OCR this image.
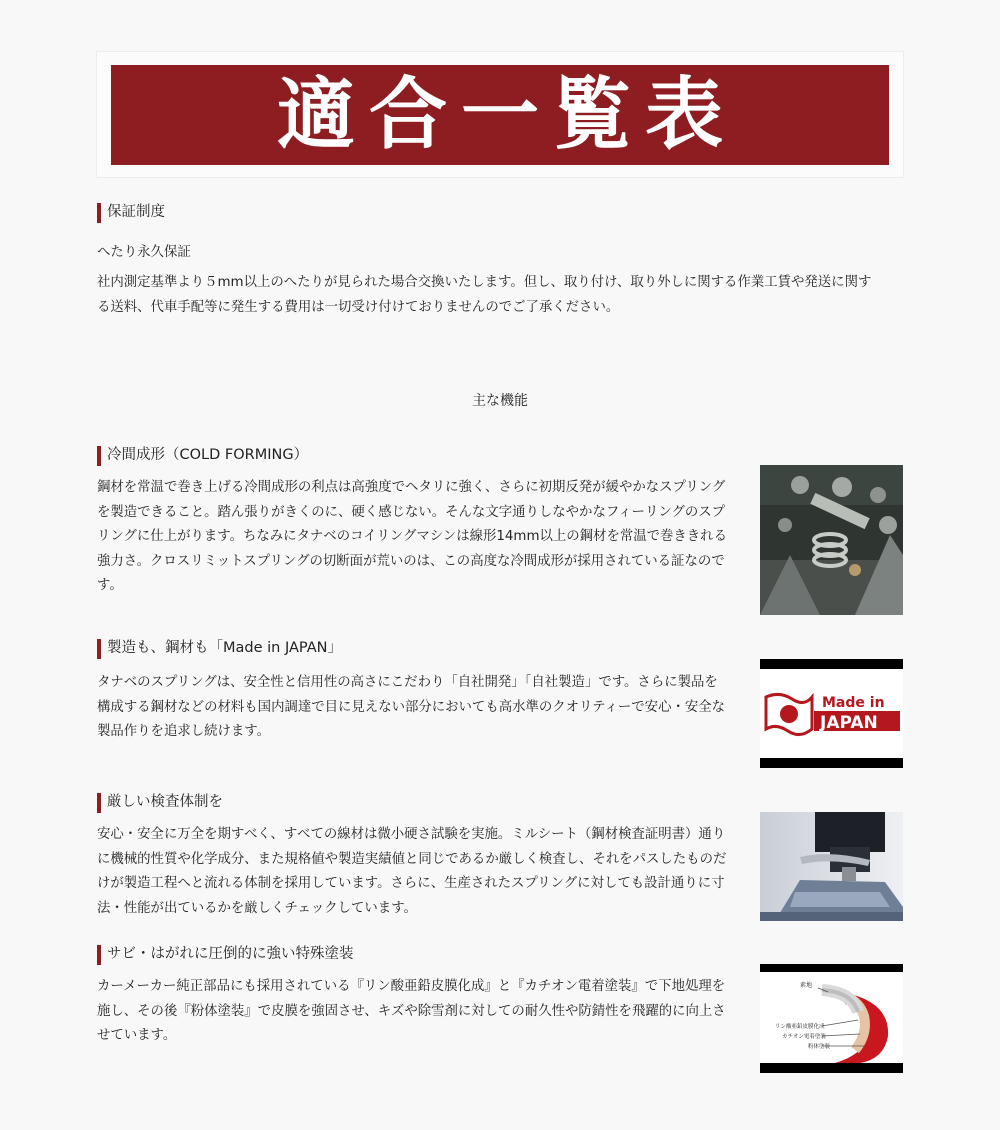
適合一覧表
保証制度
へたり永久保証
社内測定基準より５mm以上のへたりが見られた場合交換いたします。但し、取り付け、取り外しに関する作業工賃や発送に関す
る送料、代車手配等に発生する費用は一切受け付けておりませんのでご了承ください。
主な機能
冷間成形（COLD FORMING）
鋼材を常温で巻き上げる冷間成形の利点は高強度でヘタリに強く、さらに初期反発が緩やかなスプリング
を製造できること。踏ん張りがきくのに、硬く感じない。そんな文字通りしなやかなフィーリングのスプ
リングに仕上がります。ちなみにタナベのコイリングマシンは線形14mm以上の鋼材を常温で巻ききれる
強力さ。クロスリミットスプリングの切断面が荒いのは、この高度な冷間成形が採用されている証なので
す。
製造も、鋼材も「Made in JAPAN」
タナベのスプリングは、安全性と信用性の高さにこだわり「自社開発」「自社製造」です。さらに製品を
構成する鋼材などの材料も国内調達で目に見えない部分においても高水準のクオリティーで安心・安全な
製品作りを追求し続けます。
Made in
JAPAN
厳しい検査体制を
安心・安全に万全を期すべく、すべての線材は微小硬さ試験を実施。ミルシート（鋼材検査証明書）通り
に機械的性質や化学成分、また規格値や製造実績値と同じであるか厳しく検査し、それをパスしたものだ
けが製造工程へと流れる体制を採用しています。さらに、生産されたスプリングに対しても設計通りに寸
法・性能が出ているかを厳しくチェックしています。
サビ・はがれに圧倒的に強い特殊塗装
カーメーカー純正部品にも採用されている『リン酸亜鉛皮膜化成』と『カチオン電着塗装』で下地処理を
施し、その後『粉体塗装』で皮膜を強固させ、キズや除雪剤に対しての耐久性や防錆性を飛躍的に向上さ
せています。
素地
リン酸亜鉛皮膜化成
カチオン電着塗装
粉体塗装
